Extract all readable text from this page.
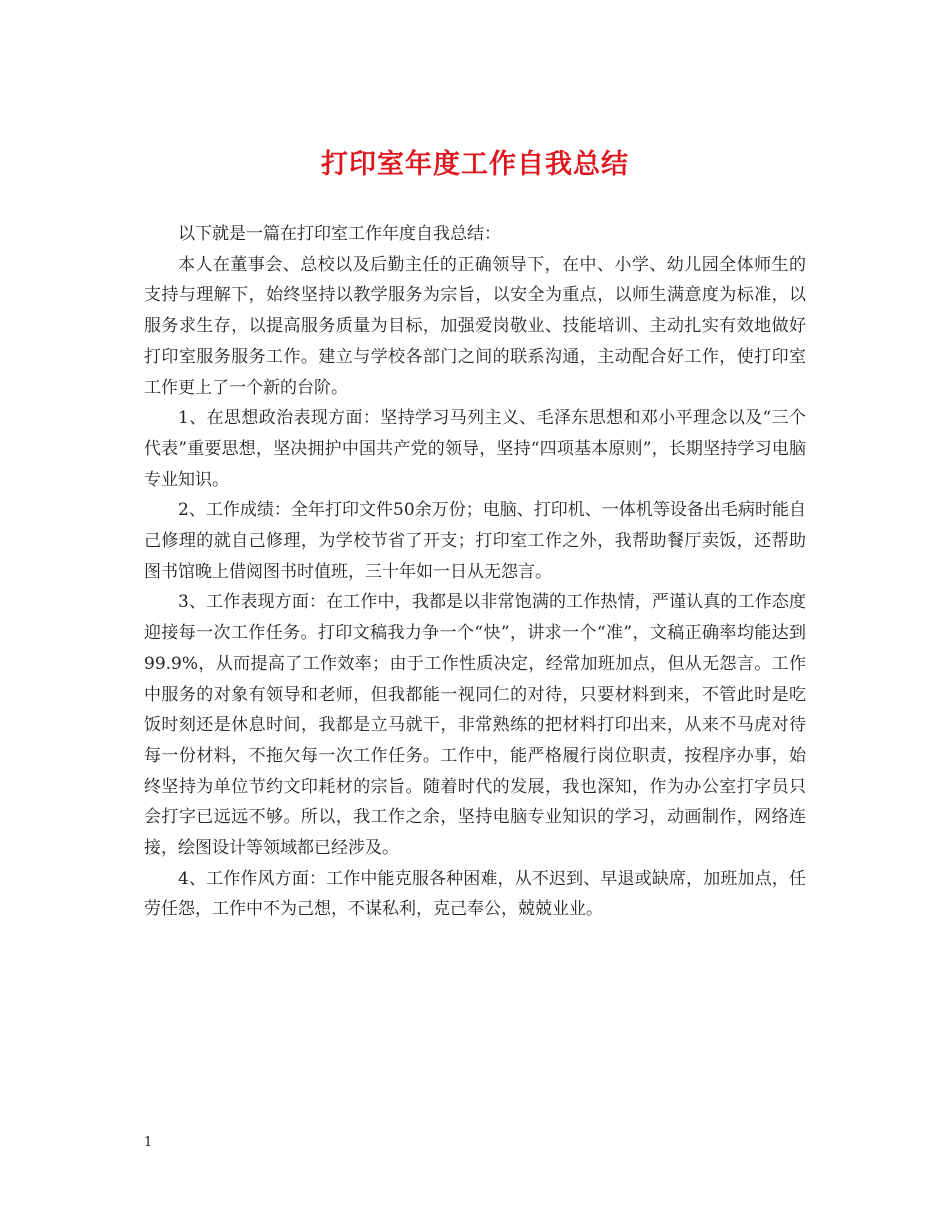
打印室年度工作自我总结

以下就是一篇在打印室工作年度自我总结：

本人在董事会、总校以及后勤主任的正确领导下，在中、小学、幼儿园全体师生的支持与理解下，始终坚持以教学服务为宗旨，以安全为重点，以师生满意度为标准，以服务求生存，以提高服务质量为目标，加强爱岗敬业、技能培训、主动扎实有效地做好打印室服务服务工作。建立与学校各部门之间的联系沟通，主动配合好工作，使打印室工作更上了一个新的台阶。

1、在思想政治表现方面：坚持学习马列主义、毛泽东思想和邓小平理念以及“三个代表”重要思想，坚决拥护中国共产党的领导，坚持“四项基本原则”，长期坚持学习电脑专业知识。

2、工作成绩：全年打印文件50余万份；电脑、打印机、一体机等设备出毛病时能自己修理的就自己修理，为学校节省了开支；打印室工作之外，我帮助餐厅卖饭，还帮助图书馆晚上借阅图书时值班，三十年如一日从无怨言。

3、工作表现方面：在工作中，我都是以非常饱满的工作热情，严谨认真的工作态度迎接每一次工作任务。打印文稿我力争一个“快”，讲求一个“准”，文稿正确率均能达到99.9%，从而提高了工作效率；由于工作性质决定，经常加班加点，但从无怨言。工作中服务的对象有领导和老师，但我都能一视同仁的对待，只要材料到来，不管此时是吃饭时刻还是休息时间，我都是立马就干，非常熟练的把材料打印出来，从来不马虎对待每一份材料，不拖欠每一次工作任务。工作中，能严格履行岗位职责，按程序办事，始终坚持为单位节约文印耗材的宗旨。随着时代的发展，我也深知，作为办公室打字员只会打字已远远不够。所以，我工作之余，坚持电脑专业知识的学习，动画制作，网络连接，绘图设计等领域都已经涉及。

4、工作作风方面：工作中能克服各种困难，从不迟到、早退或缺席，加班加点，任劳任怨，工作中不为己想，不谋私利，克己奉公，兢兢业业。

1
